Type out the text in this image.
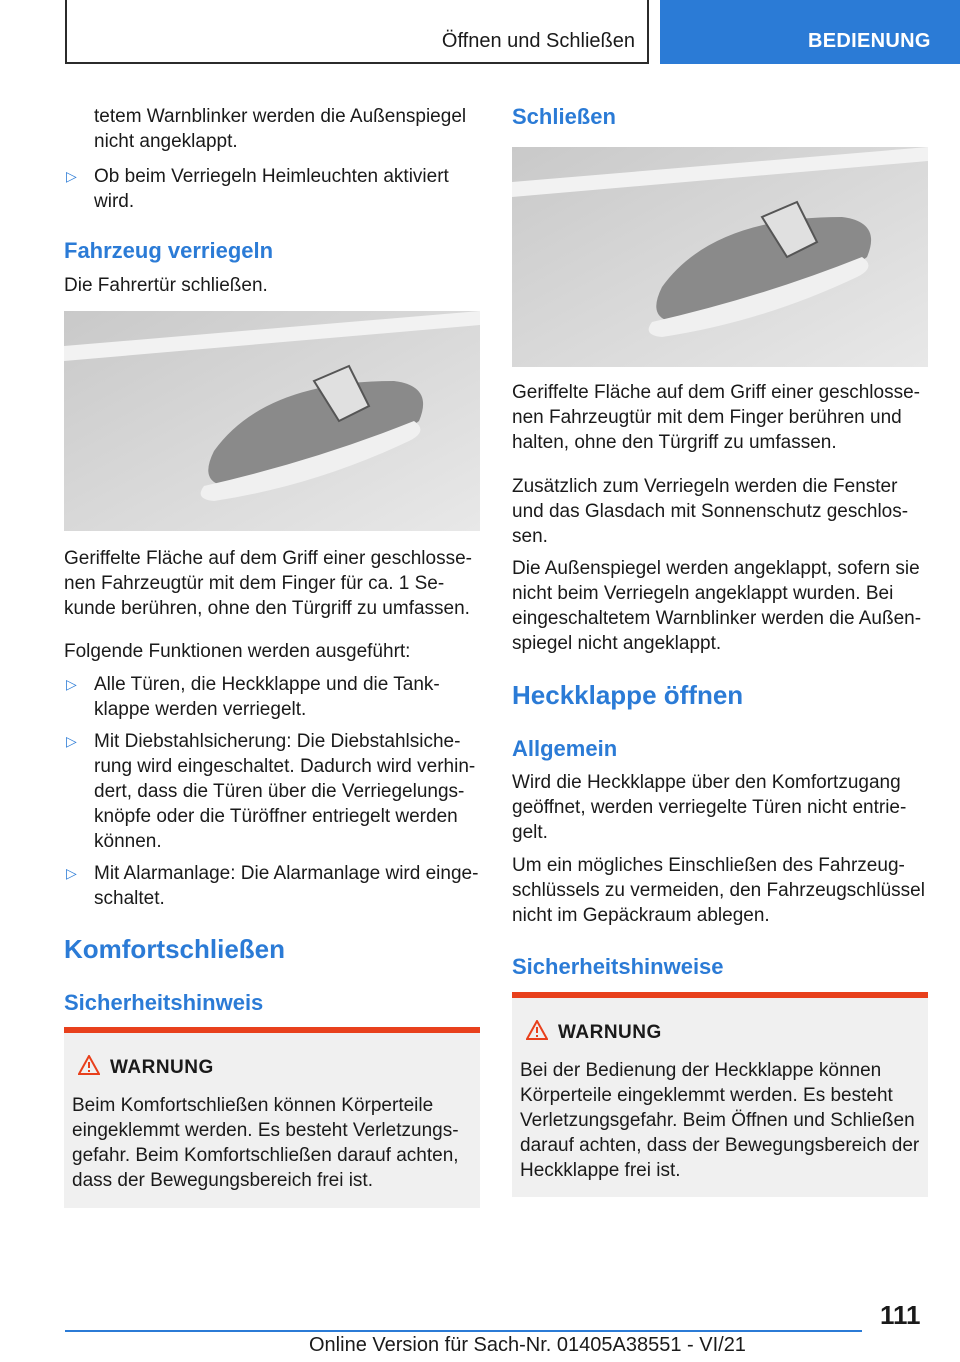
Öffnen und Schließen	BEDIENUNG

tetem Warnblinker werden die Außenspiegel

nicht angeklappt.

▷ Ob beim Verriegeln Heimleuchten aktiviert

wird.

Fahrzeug verriegeln

Die Fahrertür schließen.

Geriffelte Fläche auf dem Griff einer geschlosse-

nen Fahrzeugtür mit dem Finger für ca. 1 Se-

kunde berühren, ohne den Türgriff zu umfassen.

Folgende Funktionen werden ausgeführt:

▷ Alle Türen, die Heckklappe und die Tank-

klappe werden verriegelt.

▷ Mit Diebstahlsicherung: Die Diebstahlsiche-

rung wird eingeschaltet. Dadurch wird verhin-

dert, dass die Türen über die Verriegelungs-

knöpfe oder die Türöffner entriegelt werden

können.

▷ Mit Alarmanlage: Die Alarmanlage wird einge-

schaltet.

Komfortschließen
Sicherheitshinweis
WARNUNG
Beim Komfortschließen können Körperteile
eingeklemmt werden. Es besteht Verletzungs-
gefahr. Beim Komfortschließen darauf achten,
dass der Bewegungsbereich frei ist.
Schließen

Geriffelte Fläche auf dem Griff einer geschlosse-

nen Fahrzeugtür mit dem Finger berühren und

halten, ohne den Türgriff zu umfassen.

Zusätzlich zum Verriegeln werden die Fenster

und das Glasdach mit Sonnenschutz geschlos-

sen.

Die Außenspiegel werden angeklappt, sofern sie

nicht beim Verriegeln angeklappt wurden. Bei

eingeschaltetem Warnblinker werden die Außen-

spiegel nicht angeklappt.

Heckklappe öffnen
Allgemein

Wird die Heckklappe über den Komfortzugang

geöffnet, werden verriegelte Türen nicht entrie-

gelt.

Um ein mögliches Einschließen des Fahrzeug-

schlüssels zu vermeiden, den Fahrzeugschlüssel

nicht im Gepäckraum ablegen.

Sicherheitshinweise
WARNUNG
Bei der Bedienung der Heckklappe können
Körperteile eingeklemmt werden. Es besteht
Verletzungsgefahr. Beim Öffnen und Schließen
darauf achten, dass der Bewegungsbereich der
Heckklappe frei ist.
111
Online Version für Sach-Nr. 01405A38551 - VI/21
